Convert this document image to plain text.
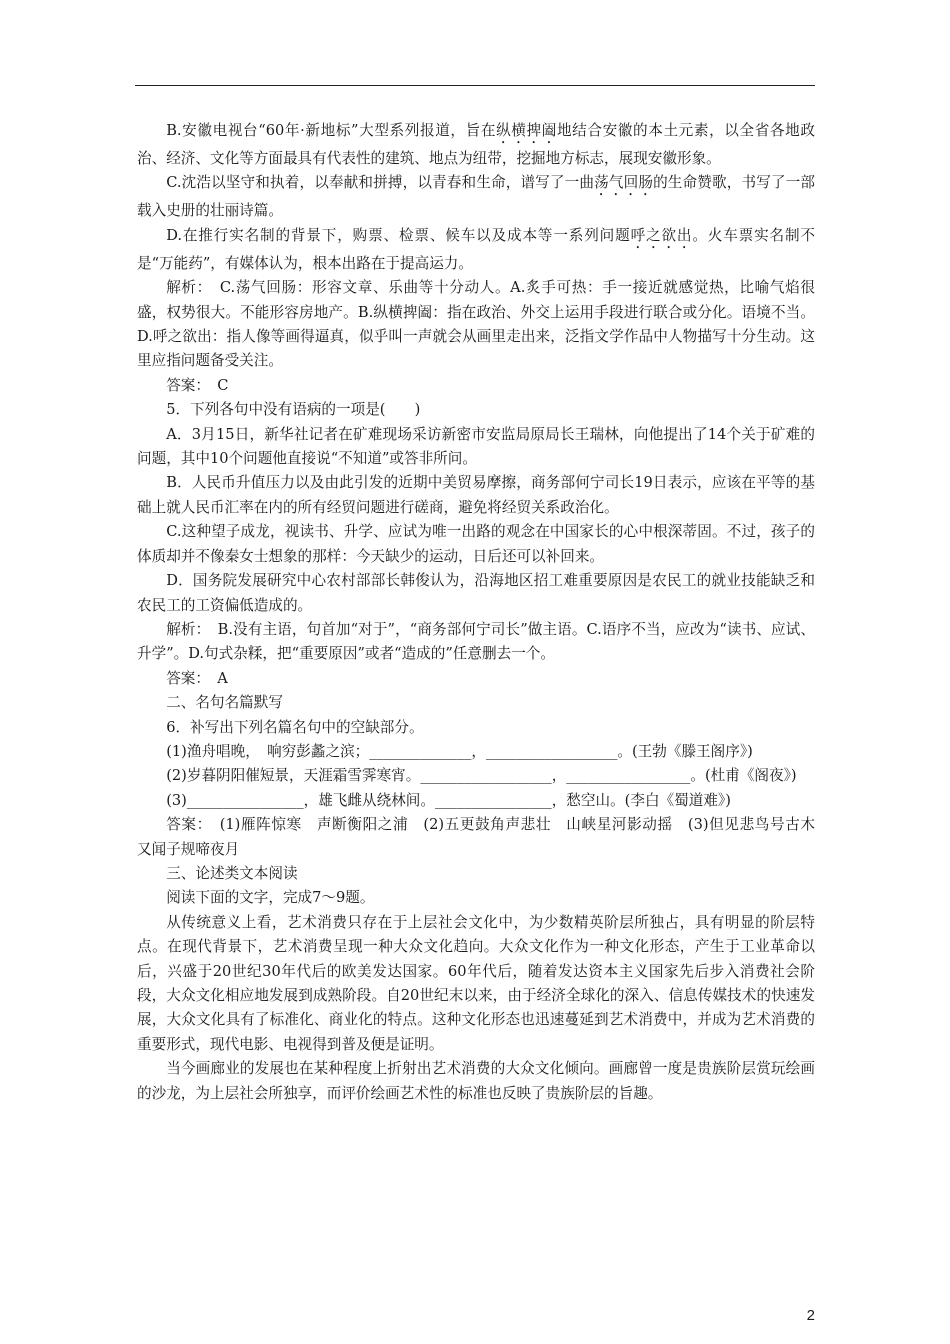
B.安徽电视台“60年·新地标”大型系列报道，旨在纵横捭阖地结合安徽的本土元素，以全省各地政治、经济、文化等方面最具有代表性的建筑、地点为纽带，挖掘地方标志，展现安徽形象。

C.沈浩以坚守和执着，以奉献和拼搏，以青春和生命，谱写了一曲荡气回肠的生命赞歌，书写了一部载入史册的壮丽诗篇。

D.在推行实名制的背景下，购票、检票、候车以及成本等一系列问题呼之欲出。火车票实名制不是“万能药”，有媒体认为，根本出路在于提高运力。

解析：　C.荡气回肠：形容文章、乐曲等十分动人。A.炙手可热：手一接近就感觉热，比喻气焰很盛，权势很大。不能形容房地产。B.纵横捭阖：指在政治、外交上运用手段进行联合或分化。语境不当。D.呼之欲出：指人像等画得逼真，似乎叫一声就会从画里走出来，泛指文学作品中人物描写十分生动。这里应指问题备受关注。

答案：　C

5．下列各句中没有语病的一项是(　　)

A．3月15日，新华社记者在矿难现场采访新密市安监局原局长王瑞林，向他提出了14个关于矿难的问题，其中10个问题他直接说“不知道”或答非所问。

B．人民币升值压力以及由此引发的近期中美贸易摩擦，商务部何宁司长19日表示，应该在平等的基础上就人民币汇率在内的所有经贸问题进行磋商，避免将经贸关系政治化。

C.这种望子成龙，视读书、升学、应试为唯一出路的观念在中国家长的心中根深蒂固。不过，孩子的体质却并不像秦女士想象的那样：今天缺少的运动，日后还可以补回来。

D．国务院发展研究中心农村部部长韩俊认为，沿海地区招工难重要原因是农民工的就业技能缺乏和农民工的工资偏低造成的。

解析：　B.没有主语，句首加“对于”，“商务部何宁司长”做主语。C.语序不当，应改为“读书、应试、升学”。D.句式杂糅，把“重要原因”或者“造成的”任意删去一个。

答案：　A

二、名句名篇默写

6．补写出下列名篇名句中的空缺部分。

(1)渔舟唱晚，　响穷彭蠡之滨；______________，__________________。(王勃《滕王阁序》)

(2)岁暮阴阳催短景，天涯霜雪霁寒宵。__________________，_________________。(杜甫《阁夜》)

(3)________________，雄飞雌从绕林间。________________，愁空山。(李白《蜀道难》)

答案：　(1)雁阵惊寒　声断衡阳之浦　(2)五更鼓角声悲壮　山峡星河影动摇　(3)但见悲鸟号古木　又闻子规啼夜月

三、论述类文本阅读

阅读下面的文字，完成7～9题。

从传统意义上看，艺术消费只存在于上层社会文化中，为少数精英阶层所独占，具有明显的阶层特点。在现代背景下，艺术消费呈现一种大众文化趋向。大众文化作为一种文化形态，产生于工业革命以后，兴盛于20世纪30年代后的欧美发达国家。60年代后，随着发达资本主义国家先后步入消费社会阶段，大众文化相应地发展到成熟阶段。自20世纪末以来，由于经济全球化的深入、信息传媒技术的快速发展，大众文化具有了标准化、商业化的特点。这种文化形态也迅速蔓延到艺术消费中，并成为艺术消费的重要形式，现代电影、电视得到普及便是证明。

当今画廊业的发展也在某种程度上折射出艺术消费的大众文化倾向。画廊曾一度是贵族阶层赏玩绘画的沙龙，为上层社会所独享，而评价绘画艺术性的标准也反映了贵族阶层的旨趣。

2
